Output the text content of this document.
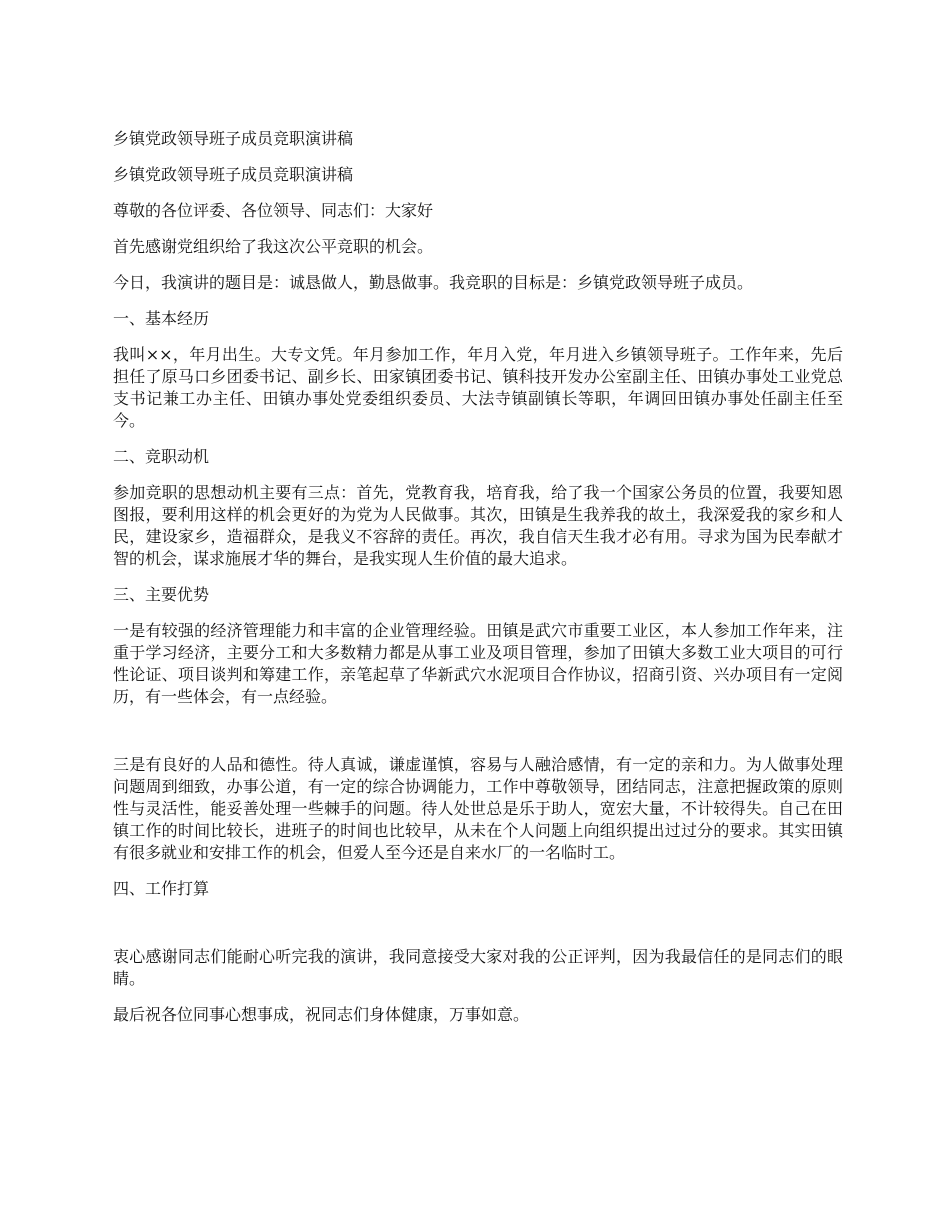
乡镇党政领导班子成员竞职演讲稿

乡镇党政领导班子成员竞职演讲稿

尊敬的各位评委、各位领导、同志们：大家好

首先感谢党组织给了我这次公平竞职的机会。

今日，我演讲的题目是：诚恳做人，勤恳做事。我竞职的目标是：乡镇党政领导班子成员。

一、基本经历

我叫××，年月出生。大专文凭。年月参加工作，年月入党，年月进入乡镇领导班子。工作年来，先后担任了原马口乡团委书记、副乡长、田家镇团委书记、镇科技开发办公室副主任、田镇办事处工业党总支书记兼工办主任、田镇办事处党委组织委员、大法寺镇副镇长等职，年调回田镇办事处任副主任至今。

二、竞职动机

参加竞职的思想动机主要有三点：首先，党教育我，培育我，给了我一个国家公务员的位置，我要知恩图报，要利用这样的机会更好的为党为人民做事。其次，田镇是生我养我的故土，我深爱我的家乡和人民，建设家乡，造福群众，是我义不容辞的责任。再次，我自信天生我才必有用。寻求为国为民奉献才智的机会，谋求施展才华的舞台，是我实现人生价值的最大追求。

三、主要优势

一是有较强的经济管理能力和丰富的企业管理经验。田镇是武穴市重要工业区，本人参加工作年来，注重于学习经济，主要分工和大多数精力都是从事工业及项目管理，参加了田镇大多数工业大项目的可行性论证、项目谈判和筹建工作，亲笔起草了华新武穴水泥项目合作协议，招商引资、兴办项目有一定阅历，有一些体会，有一点经验。

三是有良好的人品和德性。待人真诚，谦虚谨慎，容易与人融洽感情，有一定的亲和力。为人做事处理问题周到细致，办事公道，有一定的综合协调能力，工作中尊敬领导，团结同志，注意把握政策的原则性与灵活性，能妥善处理一些棘手的问题。待人处世总是乐于助人，宽宏大量，不计较得失。自己在田镇工作的时间比较长，进班子的时间也比较早，从未在个人问题上向组织提出过过分的要求。其实田镇有很多就业和安排工作的机会，但爱人至今还是自来水厂的一名临时工。

四、工作打算

衷心感谢同志们能耐心听完我的演讲，我同意接受大家对我的公正评判，因为我最信任的是同志们的眼睛。

最后祝各位同事心想事成，祝同志们身体健康，万事如意。
